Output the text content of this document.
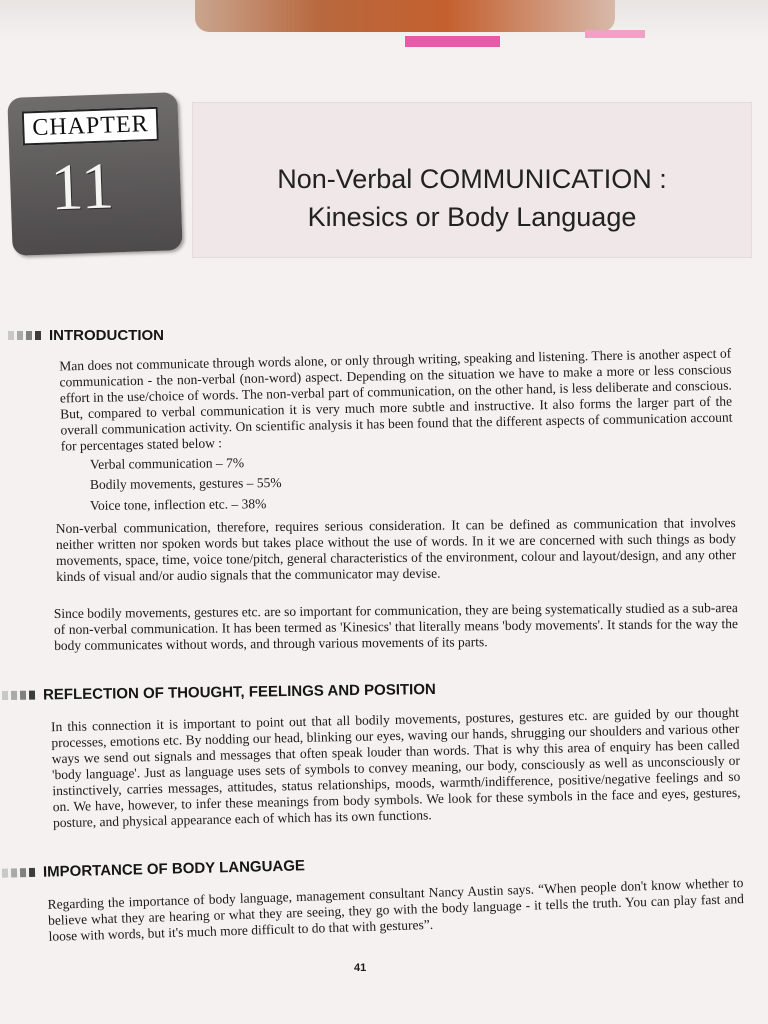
CHAPTER
11	Non-Verbal COMMUNICATION :
Kinesics or Body Language
INTRODUCTION
Man does not communicate through words alone, or only through writing, speaking and listening. There is another aspect of communication - the non-verbal (non-word) aspect. Depending on the situation we have to make a more or less conscious effort in the use/choice of words. The non-verbal part of communication, on the other hand, is less deliberate and conscious. But, compared to verbal communication it is very much more subtle and instructive. It also forms the larger part of the overall communication activity. On scientific analysis it has been found that the different aspects of communication account for percentages stated below :
Verbal communication – 7%
Bodily movements, gestures – 55%
Voice tone, inflection etc. – 38%
Non-verbal communication, therefore, requires serious consideration. It can be defined as communication that involves neither written nor spoken words but takes place without the use of words. In it we are concerned with such things as body movements, space, time, voice tone/pitch, general characteristics of the environment, colour and layout/design, and any other kinds of visual and/or audio signals that the communicator may devise.
Since bodily movements, gestures etc. are so important for communication, they are being systematically studied as a sub-area of non-verbal communication. It has been termed as 'Kinesics' that literally means 'body movements'. It stands for the way the body communicates without words, and through various movements of its parts.
REFLECTION OF THOUGHT, FEELINGS AND POSITION
In this connection it is important to point out that all bodily movements, postures, gestures etc. are guided by our thought processes, emotions etc. By nodding our head, blinking our eyes, waving our hands, shrugging our shoulders and various other ways we send out signals and messages that often speak louder than words. That is why this area of enquiry has been called 'body language'. Just as language uses sets of symbols to convey meaning, our body, consciously as well as unconsciously or instinctively, carries messages, attitudes, status relationships, moods, warmth/indifference, positive/negative feelings and so on. We have, however, to infer these meanings from body symbols. We look for these symbols in the face and eyes, gestures, posture, and physical appearance each of which has its own functions.
IMPORTANCE OF BODY LANGUAGE
Regarding the importance of body language, management consultant Nancy Austin says. “When people don't know whether to believe what they are hearing or what they are seeing, they go with the body language - it tells the truth. You can play fast and loose with words, but it's much more difficult to do that with gestures”.
41
